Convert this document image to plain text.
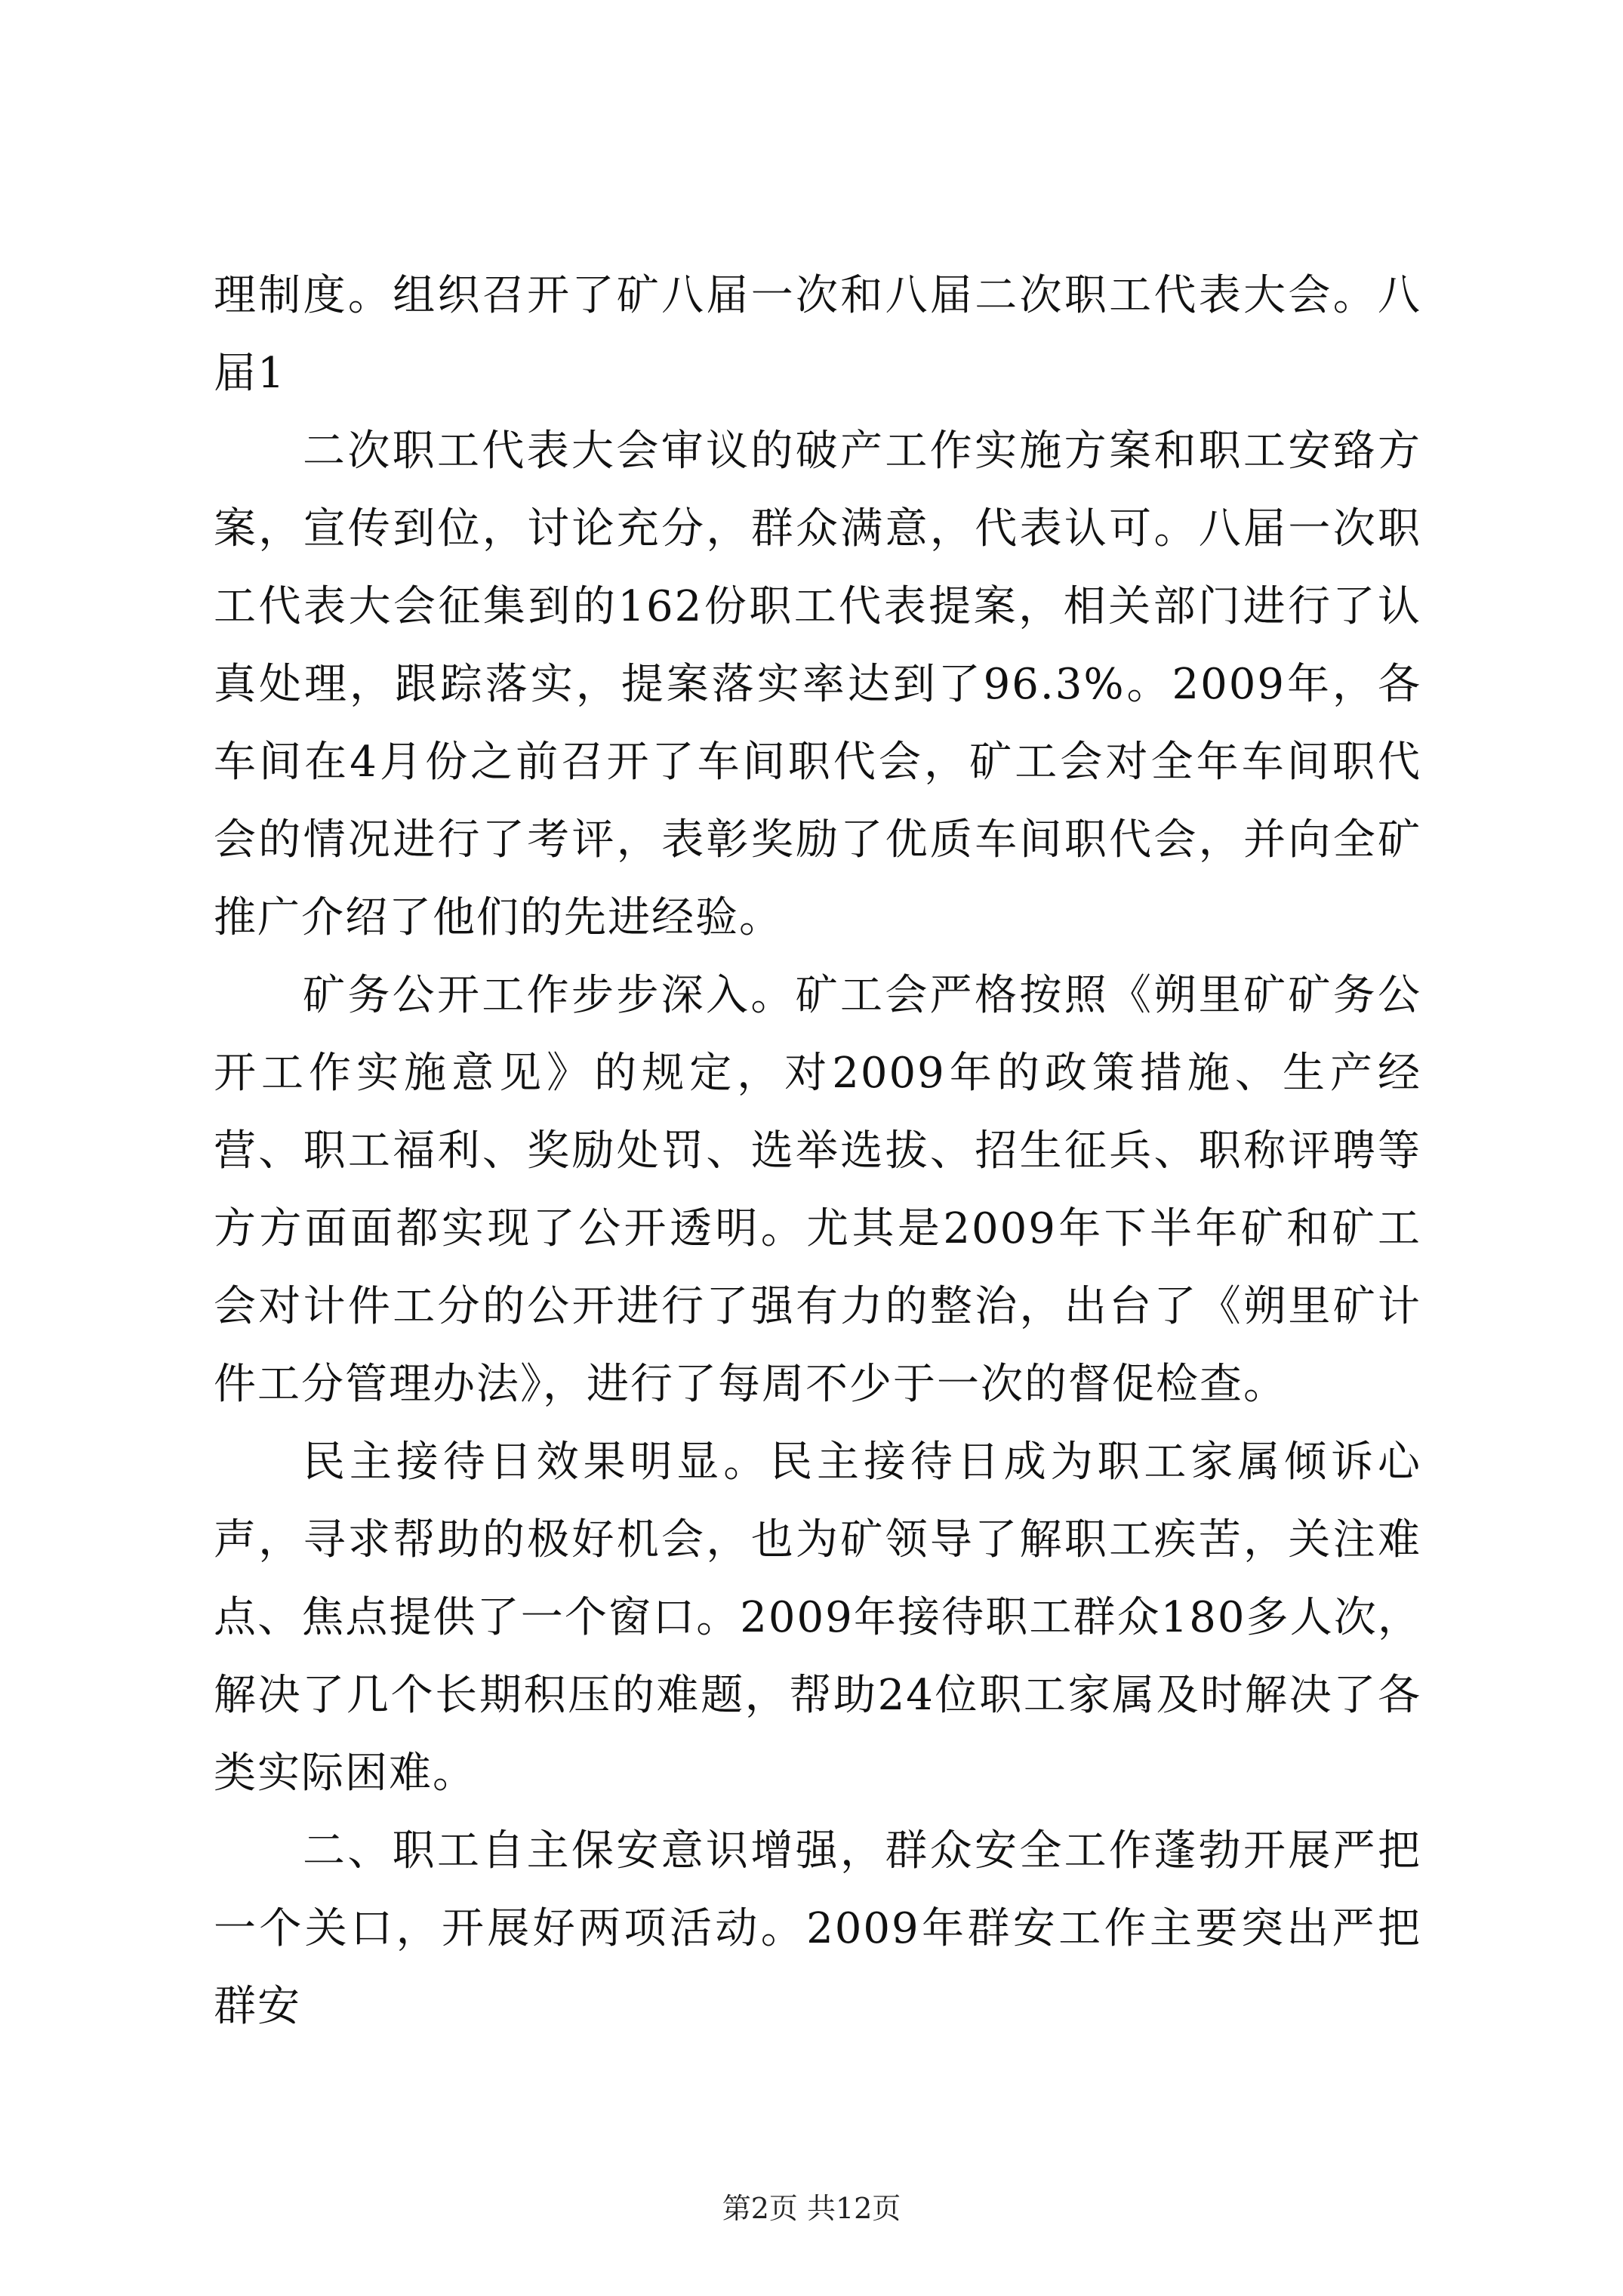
理制度。组织召开了矿八届一次和八届二次职工代表大会。八届1

二次职工代表大会审议的破产工作实施方案和职工安臵方案，宣传到位，讨论充分，群众满意，代表认可。八届一次职工代表大会征集到的162份职工代表提案，相关部门进行了认真处理，跟踪落实，提案落实率达到了96.3%。2009年，各车间在4月份之前召开了车间职代会，矿工会对全年车间职代会的情况进行了考评，表彰奖励了优质车间职代会，并向全矿推广介绍了他们的先进经验。

矿务公开工作步步深入。矿工会严格按照《朔里矿矿务公开工作实施意见》的规定，对2009年的政策措施、生产经营、职工福利、奖励处罚、选举选拔、招生征兵、职称评聘等方方面面都实现了公开透明。尤其是2009年下半年矿和矿工会对计件工分的公开进行了强有力的整治，出台了《朔里矿计件工分管理办法》，进行了每周不少于一次的督促检查。

民主接待日效果明显。民主接待日成为职工家属倾诉心声，寻求帮助的极好机会，也为矿领导了解职工疾苦，关注难点、焦点提供了一个窗口。2009年接待职工群众180多人次，解决了几个长期积压的难题，帮助24位职工家属及时解决了各类实际困难。

二、职工自主保安意识增强，群众安全工作蓬勃开展严把一个关口，开展好两项活动。2009年群安工作主要突出严把群安

第2页 共12页
